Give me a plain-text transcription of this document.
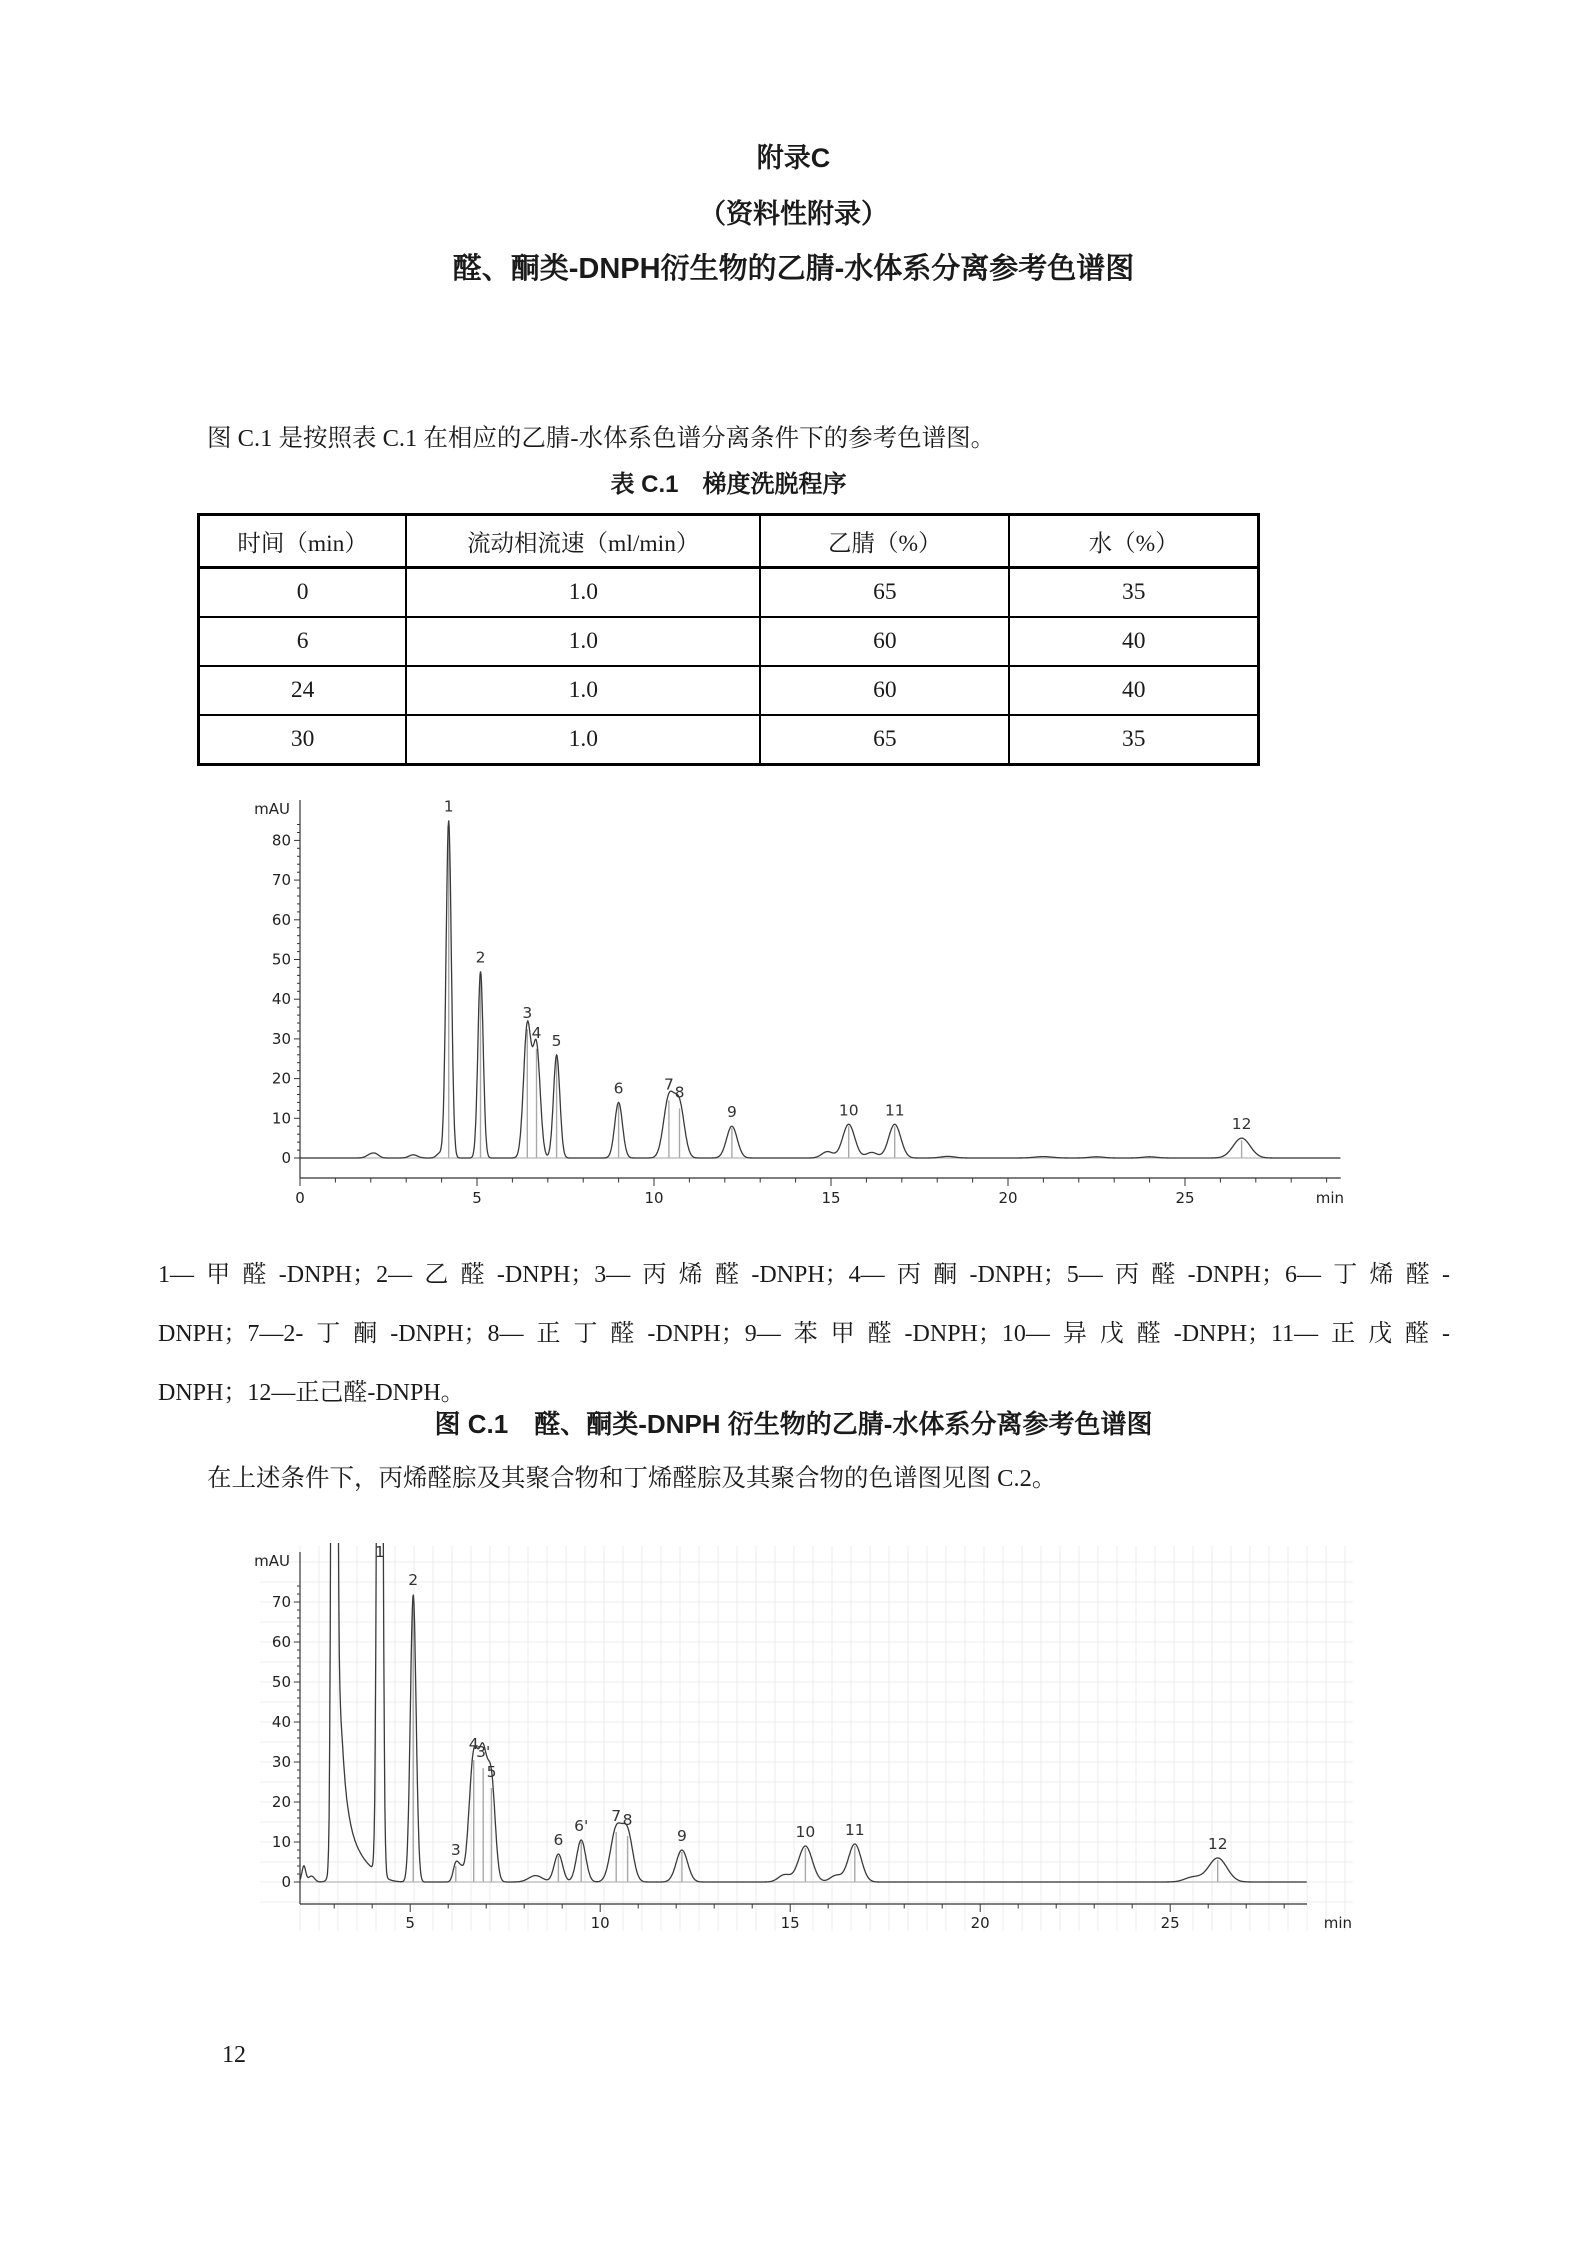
附录C
（资料性附录）
醛、酮类-DNPH衍生物的乙腈-水体系分离参考色谱图
图 C.1 是按照表 C.1 在相应的乙腈-水体系色谱分离条件下的参考色谱图。
表 C.1　梯度洗脱程序
时间（min）	流动相流速（ml/min）	乙腈（%）	水（%）
0	1.0	65	35
6	1.0	60	40
24	1.0	60	40
30	1.0	65	35
0
10
20
30
40
50
60
70
80
mAU
0	5	10	15	20	25	min
1
2
3
4 5
6	7 8
9	10 11
12
1—甲醛-DNPH；2—乙醛-DNPH；3—丙烯醛-DNPH；4—丙酮-DNPH；5—丙醛-DNPH；6—丁烯醛-
DNPH；7—2-丁酮-DNPH；8—正丁醛-DNPH；9—苯甲醛-DNPH；10—异戊醛-DNPH；11—正戊醛-
DNPH；12—正己醛-DNPH。
图 C.1　醛、酮类-DNPH 衍生物的乙腈-水体系分离参考色谱图
在上述条件下，丙烯醛腙及其聚合物和丁烯醛腙及其聚合物的色谱图见图 C.2。
0
10
20
30
40
50
60
70
mAU
5	10	15	20	25	min
1
2
3
4
3'
5
6
6'
7 8
9	10 11
12
12
